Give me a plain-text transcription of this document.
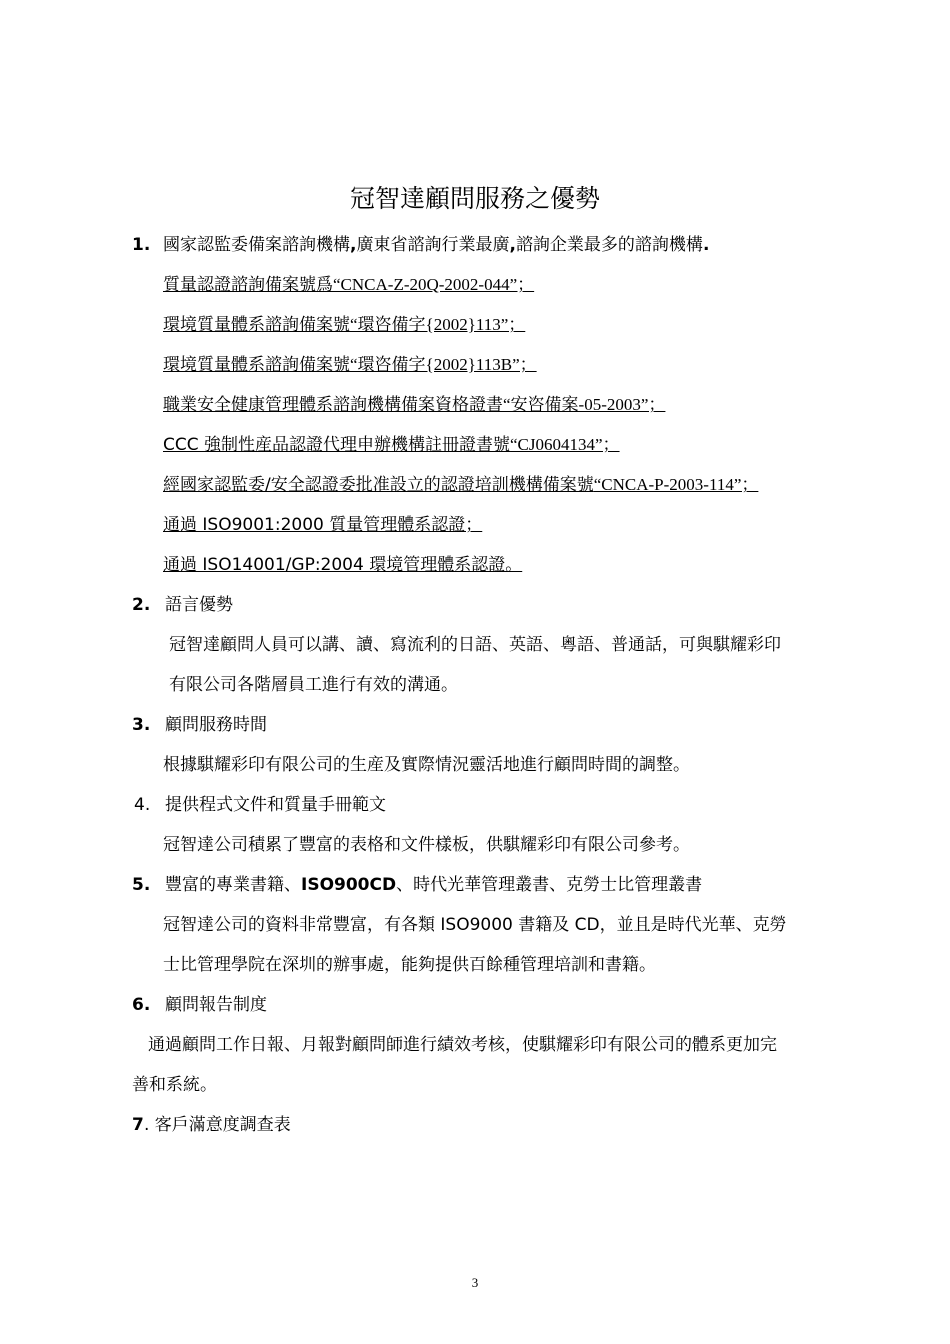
冠智達顧問服務之優勢
1. 國家認監委備案諮詢機構,廣東省諮詢行業最廣,諮詢企業最多的諮詢機構.
質量認證諮詢備案號爲“CNCA-Z-20Q-2002-044”；
環境質量體系諮詢備案號“環咨備字{2002}113”；
環境質量體系諮詢備案號“環咨備字{2002}113B”；
職業安全健康管理體系諮詢機構備案資格證書“安咨備案-05-2003”；
CCC 強制性産品認證代理申辦機構註冊證書號“CJ0604134”；
經國家認監委/安全認證委批准設立的認證培訓機構備案號“CNCA-P-2003-114”；
通過 ISO9001:2000 質量管理體系認證；
通過 ISO14001/GP:2004 環境管理體系認證。
2. 語言優勢
冠智達顧問人員可以講、讀、寫流利的日語、英語、粵語、普通話，可與騏耀彩印
有限公司各階層員工進行有效的溝通。
3. 顧問服務時間
根據騏耀彩印有限公司的生産及實際情況靈活地進行顧問時間的調整。
4. 提供程式文件和質量手冊範文
冠智達公司積累了豐富的表格和文件樣板，供騏耀彩印有限公司參考。
5. 豐富的專業書籍、ISO900CD、時代光華管理叢書、克勞士比管理叢書
冠智達公司的資料非常豐富，有各類 ISO9000 書籍及 CD，並且是時代光華、克勞
士比管理學院在深圳的辦事處，能夠提供百餘種管理培訓和書籍。
6. 顧問報告制度
通過顧問工作日報、月報對顧問師進行績效考核，使騏耀彩印有限公司的體系更加完
善和系統。
7 . 客戶滿意度調查表
3
